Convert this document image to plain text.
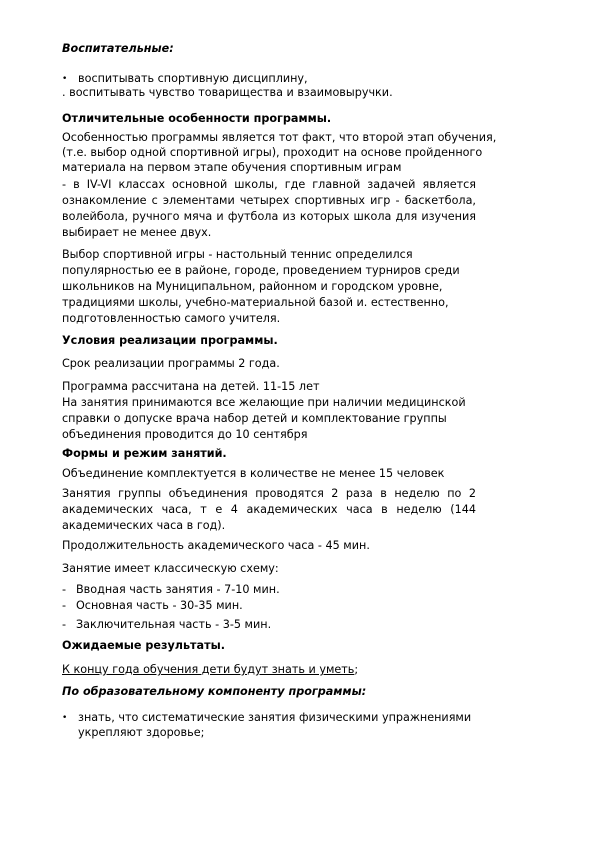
Воспитательные:
• воспитывать спортивную дисциплину,
. воспитывать чувство товарищества и взаимовыручки.
Отличительные особенности программы.
Особенностью программы является тот факт, что второй этап обучения,
(т.е. выбор одной спортивной игры), проходит на основе пройденного
материала на первом этапе обучения спортивным играм
- в IV-VI классах основной школы, где главной задачей является
ознакомление с элементами четырех спортивных игр - баскетбола,
волейбола, ручного мяча и футбола из которых школа для изучения
выбирает не менее двух.
Выбор спортивной игры - настольный теннис определился
популярностью ее в районе, городе, проведением турниров среди
школьников на Муниципальном, районном и городском уровне,
традициями школы, учебно-материальной базой и. естественно,
подготовленностью самого учителя.
Условия реализации программы.
Срок реализации программы 2 года.
Программа рассчитана на детей. 11-15 лет
На занятия принимаются все желающие при наличии медицинской
справки о допуске врача набор детей и комплектование группы
объединения проводится до 10 сентября
Формы и режим занятий.
Объединение комплектуется в количестве не менее 15 человек
Занятия группы объединения проводятся 2 раза в неделю по 2
академических часа, т е 4 академических часа в неделю (144
академических часа в год).
Продолжительность академического часа - 45 мин.
Занятие имеет классическую схему:
- Вводная часть занятия - 7-10 мин.
- Основная часть - 30-35 мин.
- Заключительная часть - 3-5 мин.
Ожидаемые результаты.
К концу года обучения дети будут знать и уметь;
По образовательному компоненту программы:
• знать, что систематические занятия физическими упражнениями
укрепляют здоровье;
